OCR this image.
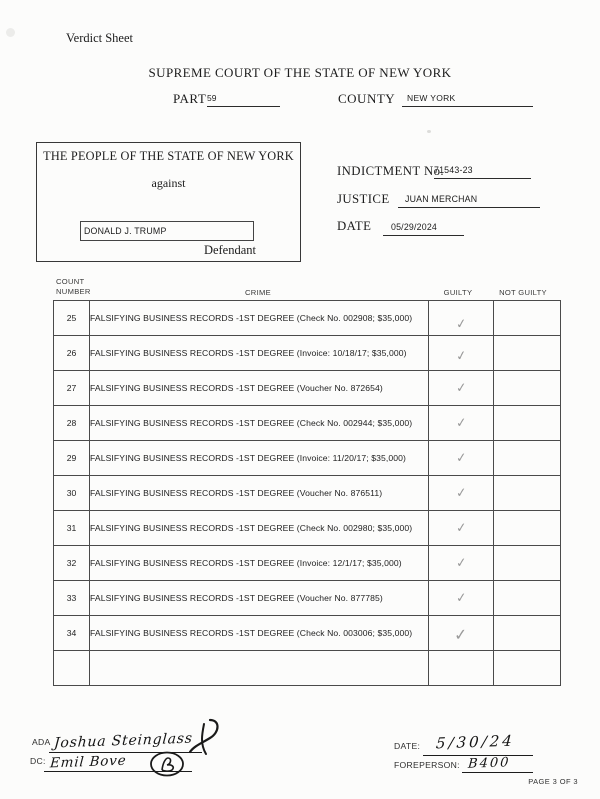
Verdict Sheet
SUPREME COURT OF THE STATE OF NEW YORK
PART 59	COUNTY	NEW YORK
THE PEOPLE OF THE STATE OF NEW YORK
against
DONALD J. TRUMP
Defendant
INDICTMENT No.
71543-23
JUSTICE	JUAN MERCHAN
DATE	05/29/2024
COUNT NUMBER	CRIME	GUILTY	NOT GUILTY
25	FALSIFYING BUSINESS RECORDS -1ST DEGREE (Check No. 002908; $35,000)	✓	
26	FALSIFYING BUSINESS RECORDS -1ST DEGREE (Invoice: 10/18/17; $35,000)	✓	
27	FALSIFYING BUSINESS RECORDS -1ST DEGREE (Voucher No. 872654)	✓	
28	FALSIFYING BUSINESS RECORDS -1ST DEGREE (Check No. 002944; $35,000)	✓	
29	FALSIFYING BUSINESS RECORDS -1ST DEGREE (Invoice: 11/20/17; $35,000)	✓	
30	FALSIFYING BUSINESS RECORDS -1ST DEGREE (Voucher No. 876511)	✓	
31	FALSIFYING BUSINESS RECORDS -1ST DEGREE (Check No. 002980; $35,000)	✓	
32	FALSIFYING BUSINESS RECORDS -1ST DEGREE (Invoice: 12/1/17; $35,000)	✓	
33	FALSIFYING BUSINESS RECORDS -1ST DEGREE (Voucher No. 877785)	✓	
34	FALSIFYING BUSINESS RECORDS -1ST DEGREE (Check No. 003006; $35,000)	✓	

ADA Joshua Steinglass
DC: Emil Bove
DATE: 5/30/24
FOREPERSON: B400
PAGE 3 OF 3
